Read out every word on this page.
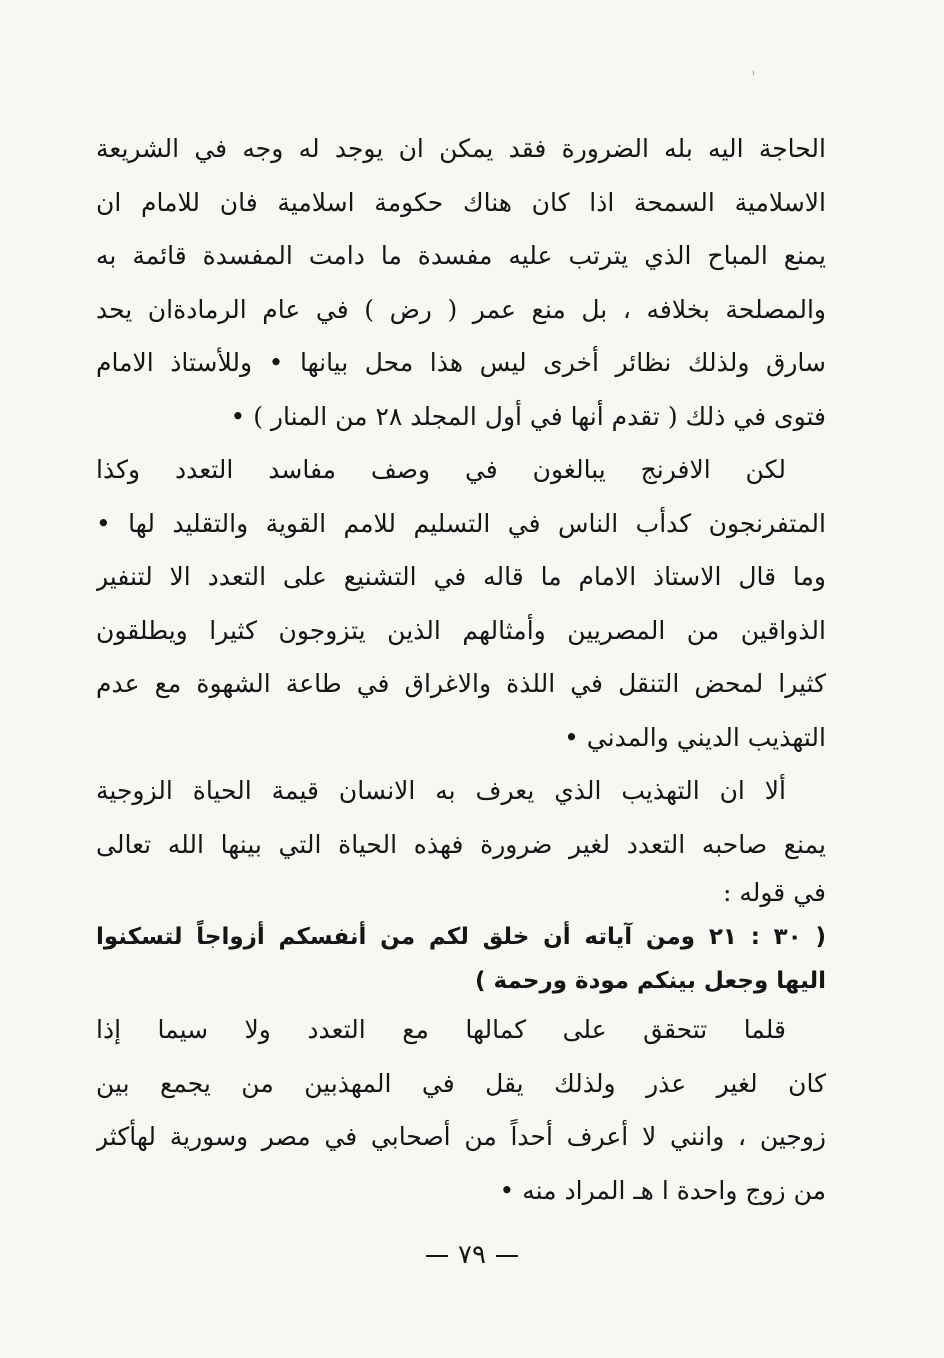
الحاجة اليه بله الضرورة فقد يمكن ان يوجد له وجه في الشريعة
الاسلامية السمحة اذا كان هناك حكومة اسلامية فان للامام ان
يمنع المباح الذي يترتب عليه مفسدة ما دامت المفسدة قائمة به
والمصلحة بخلافه ، بل منع عمر ( رض ) في عام الرمادةان يحد
سارق ولذلك نظائر أخرى ليس هذا محل بيانها • وللأستاذ الامام
فتوى في ذلك ( تقدم أنها في أول المجلد ٢٨ من المنار ) •
لكن الافرنج يبالغون في وصف مفاسد التعدد وكذا
المتفرنجون كدأب الناس في التسليم للامم القوية والتقليد لها •
وما قال الاستاذ الامام ما قاله في التشنيع على التعدد الا لتنفير
الذواقين من المصريين وأمثالهم الذين يتزوجون كثيرا ويطلقون
كثيرا لمحض التنقل في اللذة والاغراق في طاعة الشهوة مع عدم
التهذيب الديني والمدني •
ألا ان التهذيب الذي يعرف به الانسان قيمة الحياة الزوجية
يمنع صاحبه التعدد لغير ضرورة فهذه الحياة التي بينها الله تعالى
في قوله :
( ٣٠ : ٢١ ومن آياته أن خلق لكم من أنفسكم أزواجاً لتسكنوا
اليها وجعل بينكم مودة ورحمة )
قلما تتحقق على كمالها مع التعدد ولا سيما إذا
كان لغير عذر ولذلك يقل في المهذبين من يجمع بين
زوجين ، وانني لا أعرف أحداً من أصحابي في مصر وسورية لهأكثر
من زوج واحدة ا هـ المراد منه •
٧٩
